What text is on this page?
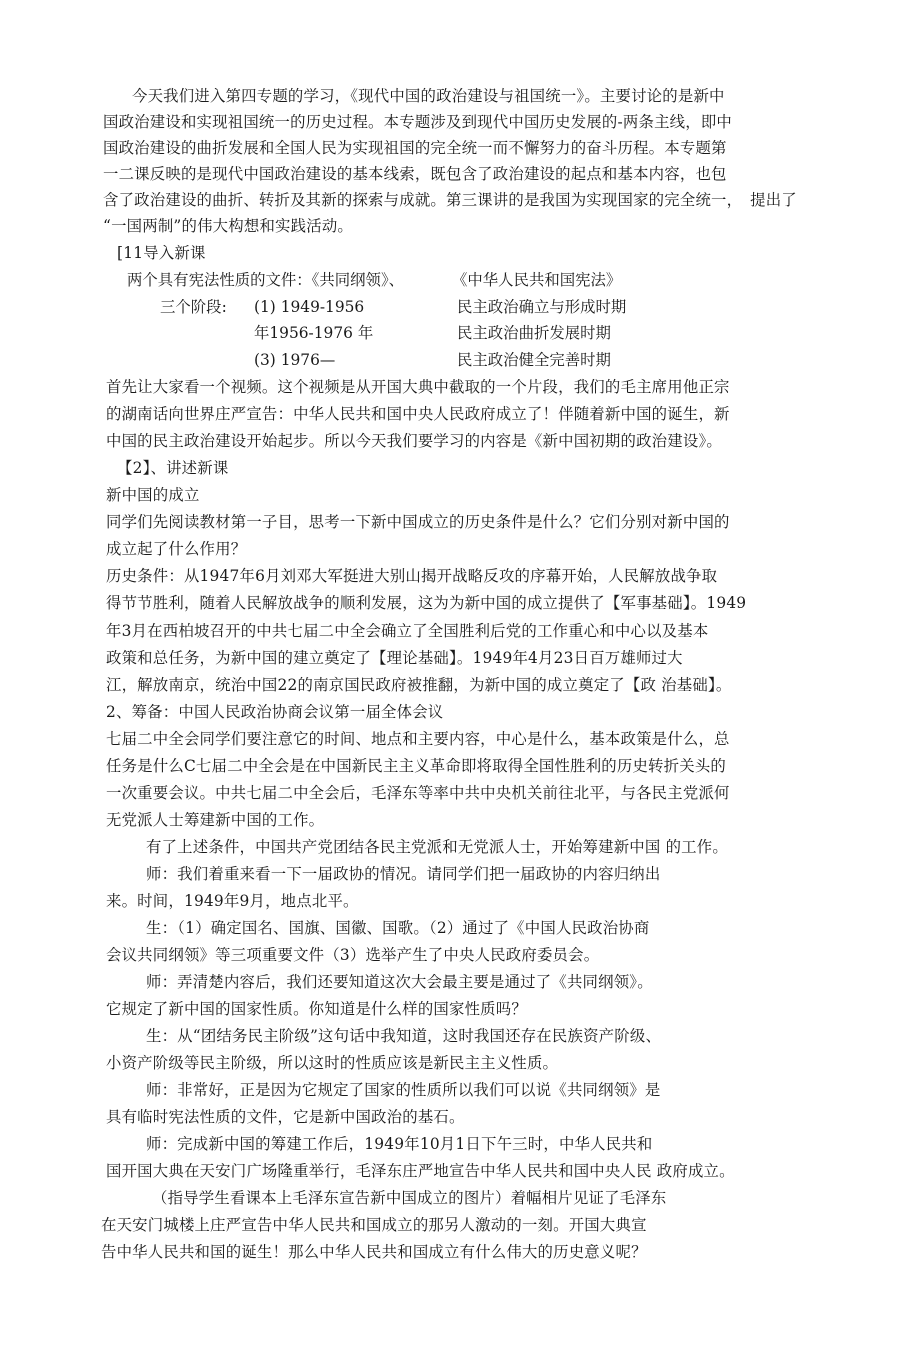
今天我们进入第四专题的学习，《现代中国的政治建设与祖国统一》。主要讨论的是新中
国政治建设和实现祖国统一的历史过程。本专题涉及到现代中国历史发展的-两条主线，即中
国政治建设的曲折发展和全国人民为实现祖国的完全统一而不懈努力的奋斗历程。本专题第
一二课反映的是现代中国政治建设的基本线索，既包含了政治建设的起点和基本内容，也包
含了政治建设的曲折、转折及其新的探索与成就。第三课讲的是我国为实现国家的完全统一，　提出了
“一国两制”的伟大构想和实践活动。
[11导入新课
两个具有宪法性质的文件：《共同纲领》、	《中华人民共和国宪法》
三个阶段: (1) 1949-1956	民主政治确立与形成时期
年1956-1976 年	民主政治曲折发展时期
(3) 1976—	民主政治健全完善时期
首先让大家看一个视频。这个视频是从开国大典中截取的一个片段，我们的毛主席用他正宗
的湖南话向世界庄严宣告：中华人民共和国中央人民政府成立了！伴随着新中国的诞生，新
中国的民主政治建设开始起步。所以今天我们要学习的内容是《新中国初期的政治建设》。
【2】、讲述新课
新中国的成立
同学们先阅读教材第一子目，思考一下新中国成立的历史条件是什么？它们分别对新中国的
成立起了什么作用？
历史条件：从1947年6月刘邓大军挺进大别山揭开战略反攻的序幕开始，人民解放战争取
得节节胜利，随着人民解放战争的顺利发展，这为为新中国的成立提供了【军事基础】。1949
年3月在西柏坡召开的中共七届二中全会确立了全国胜利后党的工作重心和中心以及基本
政策和总任务，为新中国的建立奠定了【理论基础】。1949年4月23日百万雄师过大
江，解放南京，统治中国22的南京国民政府被推翻，为新中国的成立奠定了【政 治基础】。
2、筹备：中国人民政治协商会议第一届全体会议
七届二中全会同学们要注意它的时间、地点和主要内容，中心是什么，基本政策是什么，总
任务是什么C七届二中全会是在中国新民主主义革命即将取得全国性胜利的历史转折关头的
一次重要会议。中共七届二中全会后，毛泽东等率中共中央机关前往北平，与各民主党派何
无党派人士筹建新中国的工作。
有了上述条件，中国共产党团结各民主党派和无党派人士，开始筹建新中国 的工作。
师：我们着重来看一下一届政协的情况。请同学们把一届政协的内容归纳出
来。时间，1949年9月，地点北平。
生：（1）确定国名、国旗、国徽、国歌。（2）通过了《中国人民政治协商
会议共同纲领》等三项重要文件（3）选举产生了中央人民政府委员会。
师：弄清楚内容后，我们还要知道这次大会最主要是通过了《共同纲领》。
它规定了新中国的国家性质。你知道是什么样的国家性质吗？
生：从“团结务民主阶级”这句话中我知道，这时我国还存在民族资产阶级、
小资产阶级等民主阶级，所以这时的性质应该是新民主主义性质。
师：非常好，正是因为它规定了国家的性质所以我们可以说《共同纲领》是
具有临时宪法性质的文件，它是新中国政治的基石。
师：完成新中国的筹建工作后，1949年10月1日下午三时，中华人民共和
国开国大典在天安门广场隆重举行，毛泽东庄严地宣告中华人民共和国中央人民 政府成立。
（指导学生看课本上毛泽东宣告新中国成立的图片）着幅相片见证了毛泽东
在天安门城楼上庄严宣告中华人民共和国成立的那另人激动的一刻。开国大典宣
告中华人民共和国的诞生！那么中华人民共和国成立有什么伟大的历史意义呢？
